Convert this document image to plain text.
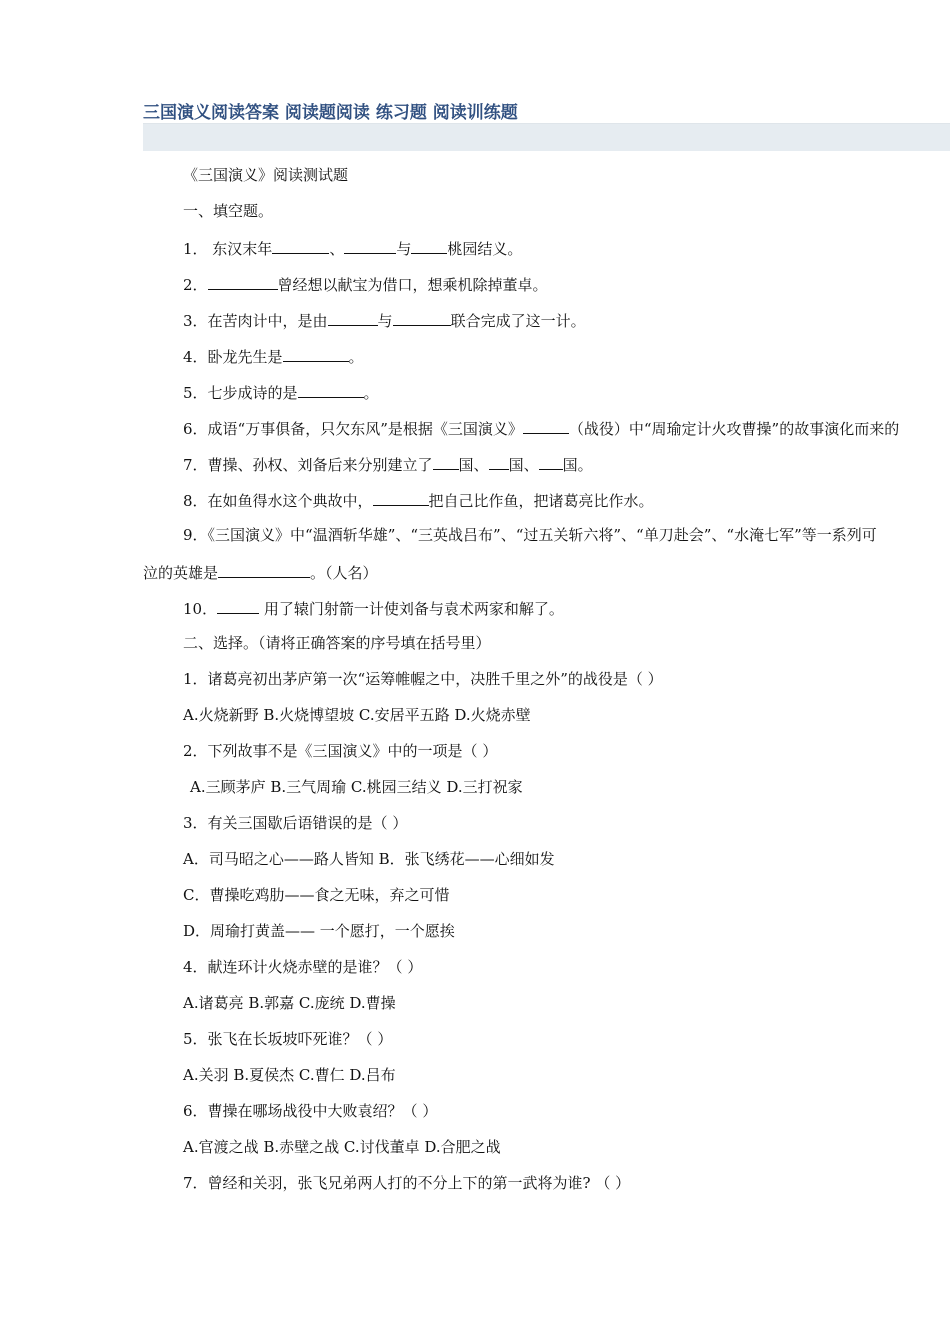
三国演义阅读答案 阅读题阅读 练习题 阅读训练题
《三国演义》阅读测试题
一、填空题。
1． 东汉末年	、	与 桃园结义。
2．	曾经想以献宝为借口，想乘机除掉董卓。
3．在苦肉计中，是由	与	联合完成了这一计。
4．卧龙先生是	。
5．七步成诗的是	。
6．成语“万事俱备，只欠东风”是根据《三国演义》	（战役）中“周瑜定计火攻曹操”的故事演化而来的
7．曹操、孙权、刘备后来分别建立了 国、 国、 国。
8．在如鱼得水这个典故中，	把自己比作鱼，把诸葛亮比作水。
9．《三国演义》中“温酒斩华雄”、“三英战吕布”、“过五关斩六将”、“单刀赴会”、“水淹七军”等一系列可
泣的英雄是	。（人名）
10．	用了辕门射箭一计使刘备与袁术两家和解了。
二、选择。（请将正确答案的序号填在括号里）
1．诸葛亮初出茅庐第一次“运筹帷幄之中，决胜千里之外”的战役是（ ）
A.火烧新野 B.火烧博望坡 C.安居平五路 D.火烧赤壁
2．下列故事不是《三国演义》中的一项是（ ）
A.三顾茅庐 B.三气周瑜 C.桃园三结义 D.三打祝家
3．有关三国歇后语错误的是（ ）
A．司马昭之心——路人皆知 B．张飞绣花——心细如发
C．曹操吃鸡肋——食之无味，弃之可惜
D．周瑜打黄盖—— 一个愿打，一个愿挨
4．献连环计火烧赤壁的是谁？（ ）
A.诸葛亮 B.郭嘉 C.庞统 D.曹操
5．张飞在长坂坡吓死谁？（ ）
A.关羽 B.夏侯杰 C.曹仁 D.吕布
6．曹操在哪场战役中大败袁绍？（ ）
A.官渡之战 B.赤壁之战 C.讨伐董卓 D.合肥之战
7．曾经和关羽，张飞兄弟两人打的不分上下的第一武将为谁? （ ）
